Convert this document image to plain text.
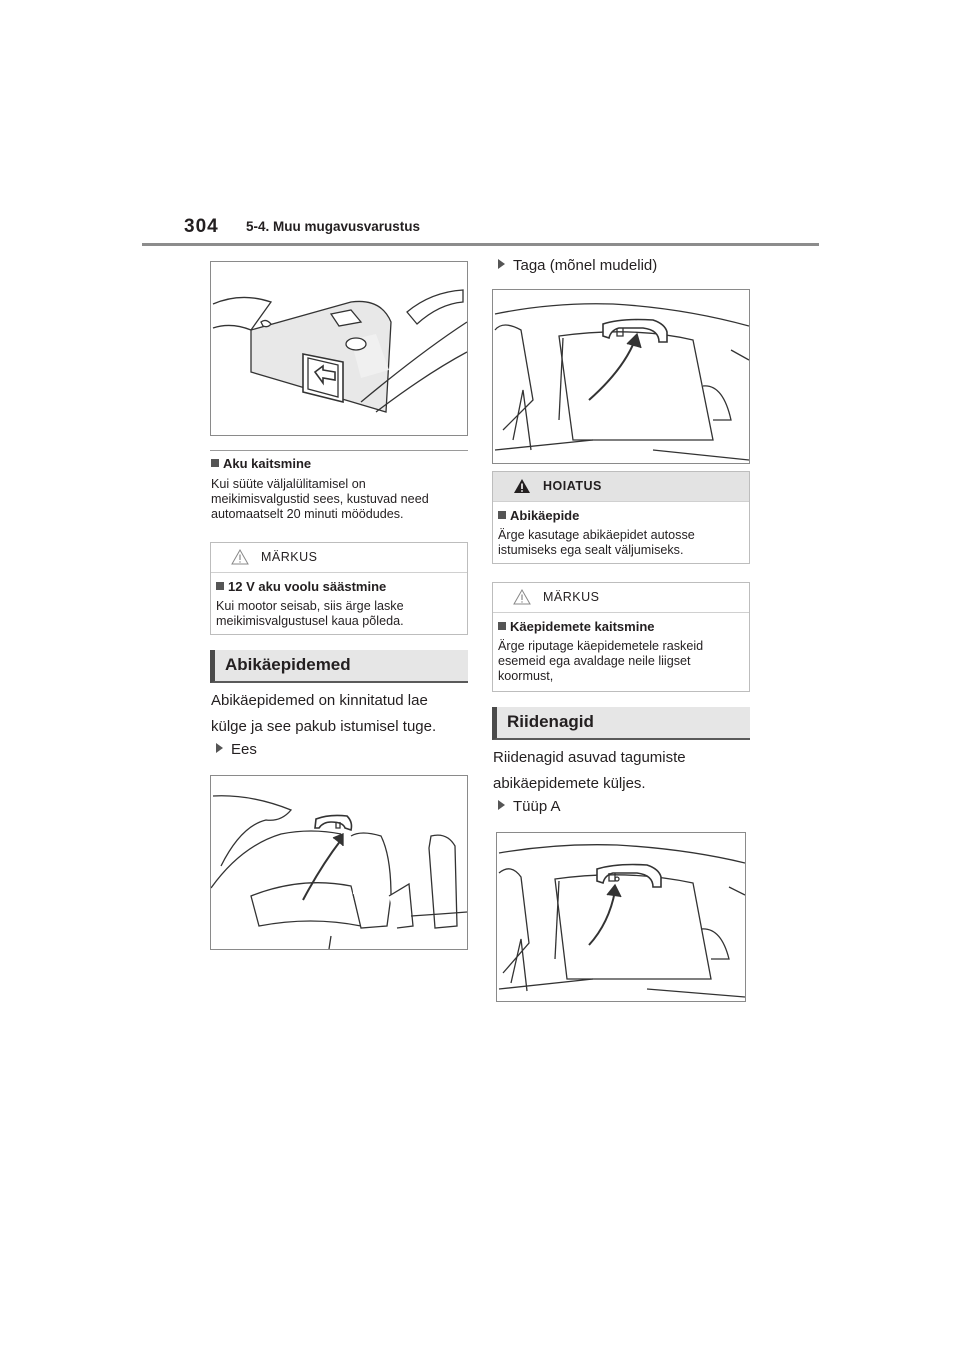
304 5-4. Muu mugavusvarustus
Aku kaitsmine
Kui süüte väljalülitamisel on
meikimisvalgustid sees, kustuvad need
automaatselt 20 minuti möödudes.
MÄRKUS
12 V aku voolu säästmine
Kui mootor seisab, siis ärge laske
meikimisvalgustusel kaua põleda.
Abikäepidemed
Abikäepidemed on kinnitatud lae
külge ja see pakub istumisel tuge.
Ees
Taga (mõnel mudelid)
HOIATUS
Abikäepide
Ärge kasutage abikäepidet autosse
istumiseks ega sealt väljumiseks.
MÄRKUS
Käepidemete kaitsmine
Ärge riputage käepidemetele raskeid
esemeid ega avaldage neile liigset
koormust,
Riidenagid
Riidenagid asuvad tagumiste
abikäepidemete küljes.
Tüüp A
